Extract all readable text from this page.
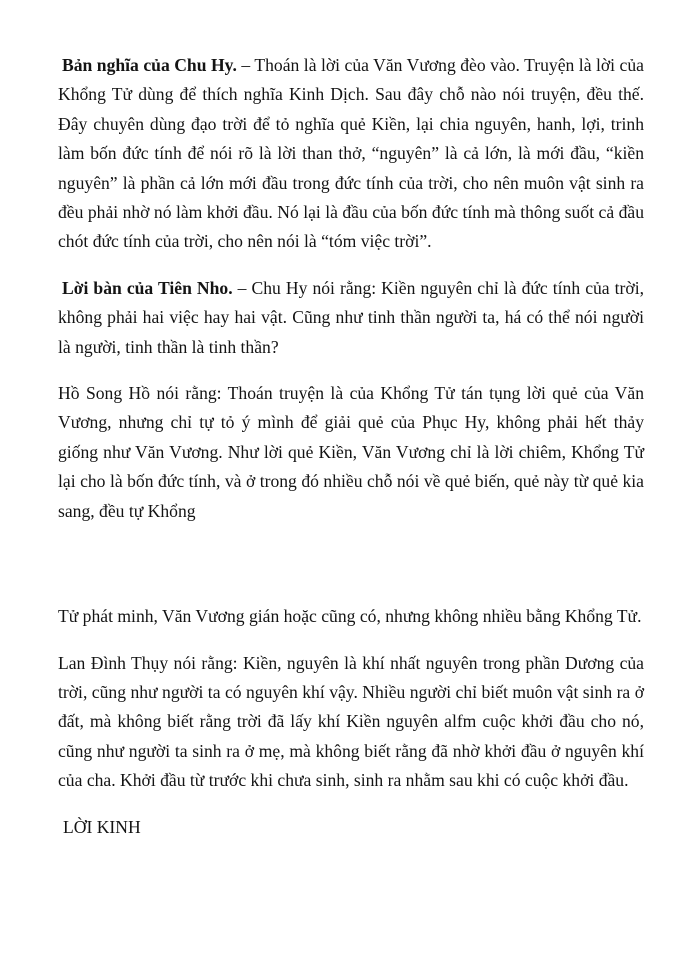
Bản nghĩa của Chu Hy. – Thoán là lời của Văn Vương đèo vào. Truyện là lời của Khổng Tử dùng để thích nghĩa Kinh Dịch. Sau đây chỗ nào nói truyện, đều thế. Đây chuyên dùng đạo trời để tỏ nghĩa quẻ Kiền, lại chia nguyên, hanh, lợi, trinh làm bốn đức tính để nói rõ là lời than thở, “nguyên” là cả lớn, là mới đầu, “kiền nguyên” là phần cả lớn mới đầu trong đức tính của trời, cho nên muôn vật sinh ra đều phải nhờ nó làm khởi đầu. Nó lại là đầu của bốn đức tính mà thông suốt cả đầu chót đức tính của trời, cho nên nói là “tóm việc trời”.

Lời bàn của Tiên Nho. – Chu Hy nói rằng: Kiền nguyên chỉ là đức tính của trời, không phải hai việc hay hai vật. Cũng như tinh thần người ta, há có thể nói người là người, tinh thần là tinh thần?

Hồ Song Hồ nói rằng: Thoán truyện là của Khổng Tử tán tụng lời quẻ của Văn Vương, nhưng chỉ tự tỏ ý mình để giải quẻ của Phục Hy, không phải hết thảy giống như Văn Vương. Như lời quẻ Kiền, Văn Vương chỉ là lời chiêm, Khổng Tử lại cho là bốn đức tính, và ở trong đó nhiều chỗ nói về quẻ biến, quẻ này từ quẻ kia sang, đều tự Khổng

Tử phát minh, Văn Vương gián hoặc cũng có, nhưng không nhiều bằng Khổng Tử.

Lan Đình Thụy nói rằng: Kiền, nguyên là khí nhất nguyên trong phần Dương của trời, cũng như người ta có nguyên khí vậy. Nhiều người chỉ biết muôn vật sinh ra ở đất, mà không biết rằng trời đã lấy khí Kiền nguyên alfm cuộc khởi đầu cho nó, cũng như người ta sinh ra ở mẹ, mà không biết rằng đã nhờ khởi đầu ở nguyên khí của cha. Khởi đầu từ trước khi chưa sinh, sinh ra nhằm sau khi có cuộc khởi đầu.

LỜI KINH
